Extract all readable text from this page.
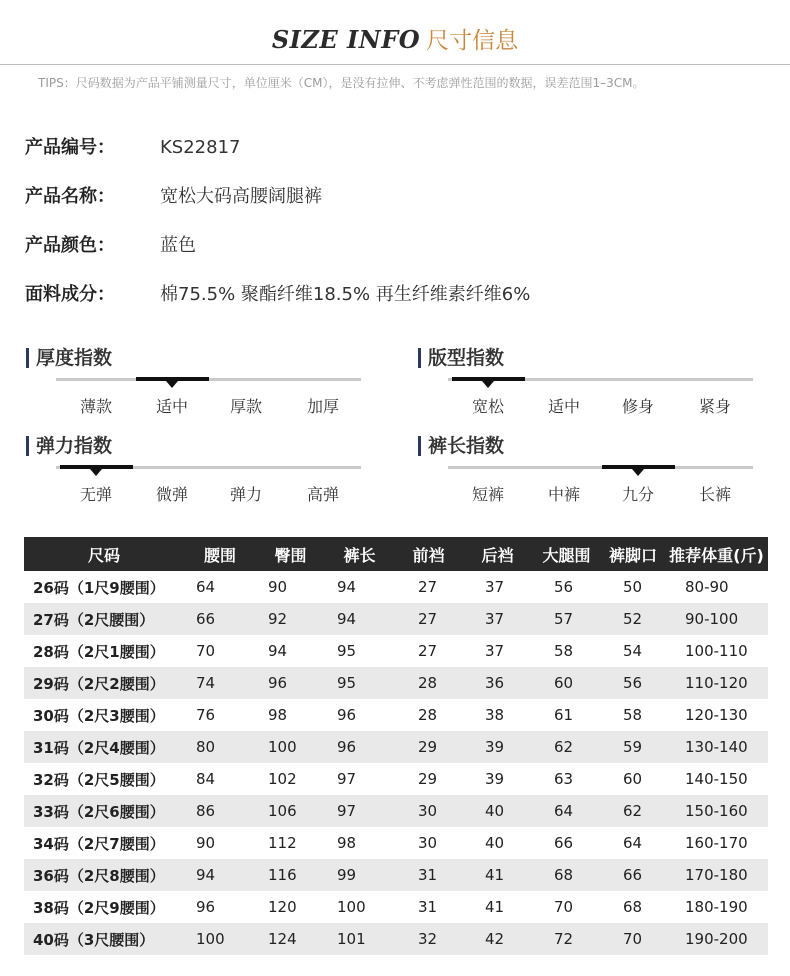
SIZE INFO 尺寸信息
TIPS：尺码数据为产品平铺测量尺寸，单位厘米（CM），是没有拉伸、不考虑弹性范围的数据，误差范围1–3CM。
产品编号：	KS22817
产品名称：	宽松大码高腰阔腿裤
产品颜色：	蓝色
面料成分：	棉75.5% 聚酯纤维18.5% 再生纤维素纤维6%
厚度指数
薄款	适中	厚款	加厚
版型指数
宽松	适中	修身	紧身
弹力指数
无弹	微弹	弹力	高弹
裤长指数
短裤	中裤	九分	长裤
尺码	腰围	臀围	裤长	前裆	后裆	大腿围	裤脚口	推荐体重(斤)
26码（1尺9腰围）	64	90	94	27	37	56	50	80-90
27码（2尺腰围）	66	92	94	27	37	57	52	90-100
28码（2尺1腰围）	70	94	95	27	37	58	54	100-110
29码（2尺2腰围）	74	96	95	28	36	60	56	110-120
30码（2尺3腰围）	76	98	96	28	38	61	58	120-130
31码（2尺4腰围）	80	100	96	29	39	62	59	130-140
32码（2尺5腰围）	84	102	97	29	39	63	60	140-150
33码（2尺6腰围）	86	106	97	30	40	64	62	150-160
34码（2尺7腰围）	90	112	98	30	40	66	64	160-170
36码（2尺8腰围）	94	116	99	31	41	68	66	170-180
38码（2尺9腰围）	96	120	100	31	41	70	68	180-190
40码（3尺腰围）	100	124	101	32	42	72	70	190-200
